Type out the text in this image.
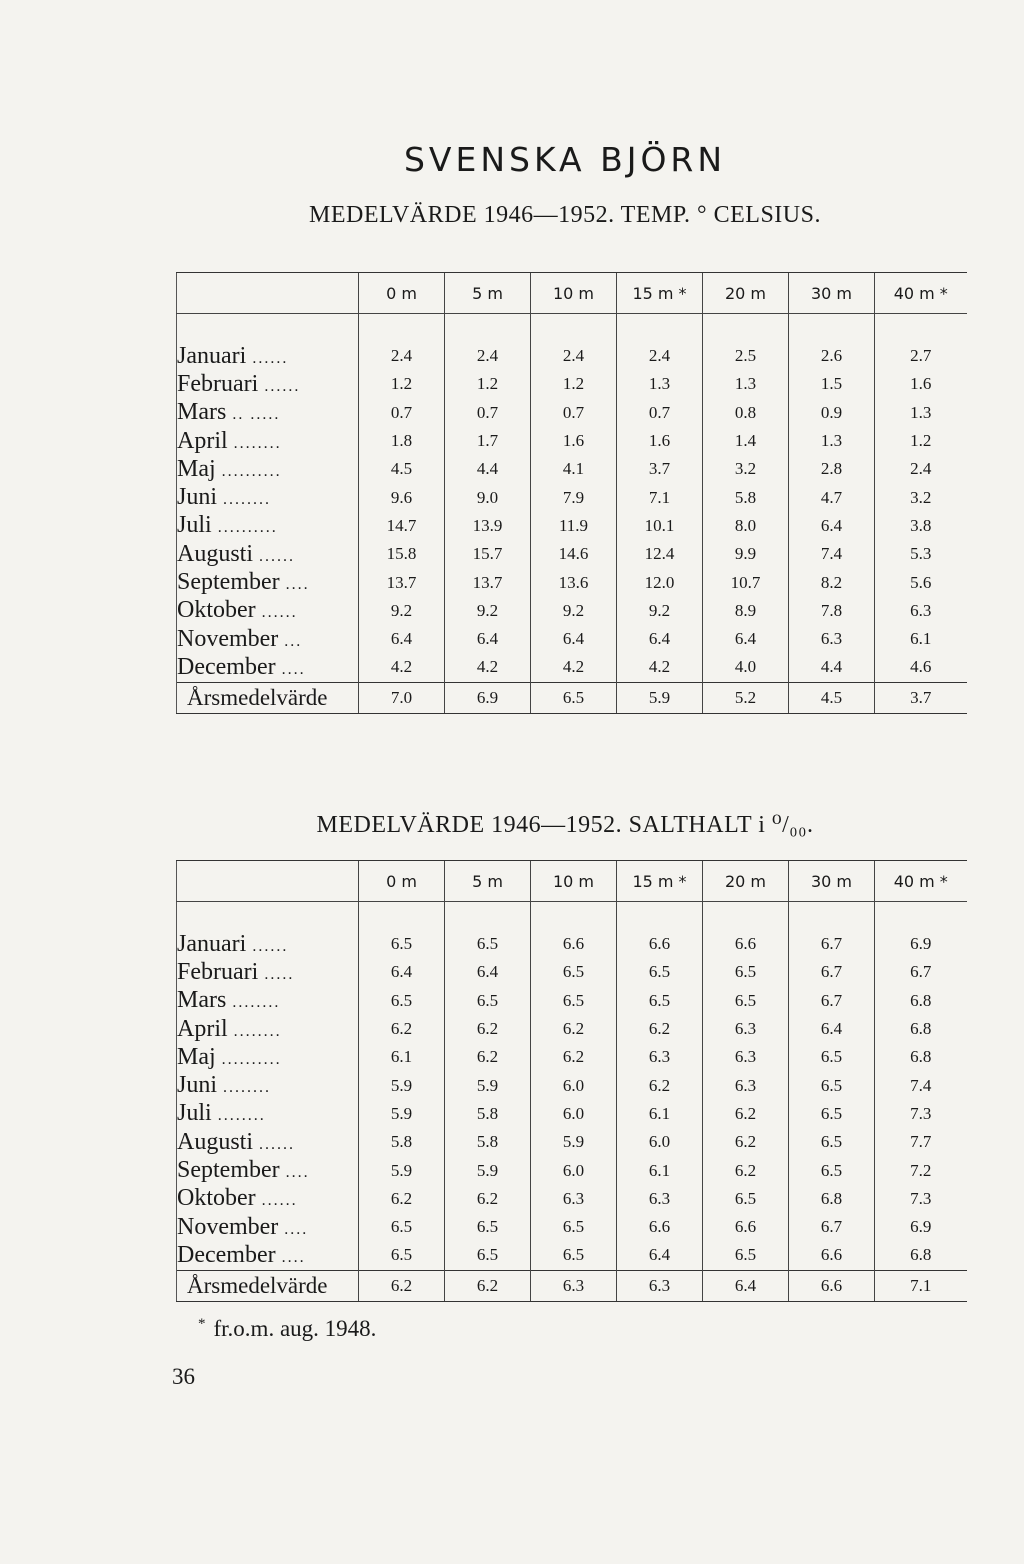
SVENSKA BJÖRN
MEDELVÄRDE 1946—1952. TEMP. ° CELSIUS.
	0 m	5 m	10 m	15 m *	20 m	30 m	40 m *

Januari ......	2.4	2.4	2.4	2.4	2.5	2.6	2.7
Februari ......	1.2	1.2	1.2	1.3	1.3	1.5	1.6
Mars .. .....	0.7	0.7	0.7	0.7	0.8	0.9	1.3
April ........	1.8	1.7	1.6	1.6	1.4	1.3	1.2
Maj ..........	4.5	4.4	4.1	3.7	3.2	2.8	2.4
Juni ........	9.6	9.0	7.9	7.1	5.8	4.7	3.2
Juli ..........	14.7	13.9	11.9	10.1	8.0	6.4	3.8
Augusti ......	15.8	15.7	14.6	12.4	9.9	7.4	5.3
September ....	13.7	13.7	13.6	12.0	10.7	8.2	5.6
Oktober ......	9.2	9.2	9.2	9.2	8.9	7.8	6.3
November ...	6.4	6.4	6.4	6.4	6.4	6.3	6.1
December ....	4.2	4.2	4.2	4.2	4.0	4.4	4.6
Årsmedelvärde	7.0	6.9	6.5	5.9	5.2	4.5	3.7
MEDELVÄRDE 1946—1952. SALTHALT i ⁰/₀₀.
	0 m	5 m	10 m	15 m *	20 m	30 m	40 m *

Januari ......	6.5	6.5	6.6	6.6	6.6	6.7	6.9
Februari .....	6.4	6.4	6.5	6.5	6.5	6.7	6.7
Mars ........	6.5	6.5	6.5	6.5	6.5	6.7	6.8
April ........	6.2	6.2	6.2	6.2	6.3	6.4	6.8
Maj ..........	6.1	6.2	6.2	6.3	6.3	6.5	6.8
Juni ........	5.9	5.9	6.0	6.2	6.3	6.5	7.4
Juli ........	5.9	5.8	6.0	6.1	6.2	6.5	7.3
Augusti ......	5.8	5.8	5.9	6.0	6.2	6.5	7.7
September ....	5.9	5.9	6.0	6.1	6.2	6.5	7.2
Oktober ......	6.2	6.2	6.3	6.3	6.5	6.8	7.3
November ....	6.5	6.5	6.5	6.6	6.6	6.7	6.9
December ....	6.5	6.5	6.5	6.4	6.5	6.6	6.8
Årsmedelvärde	6.2	6.2	6.3	6.3	6.4	6.6	7.1
* fr.o.m. aug. 1948.
36
